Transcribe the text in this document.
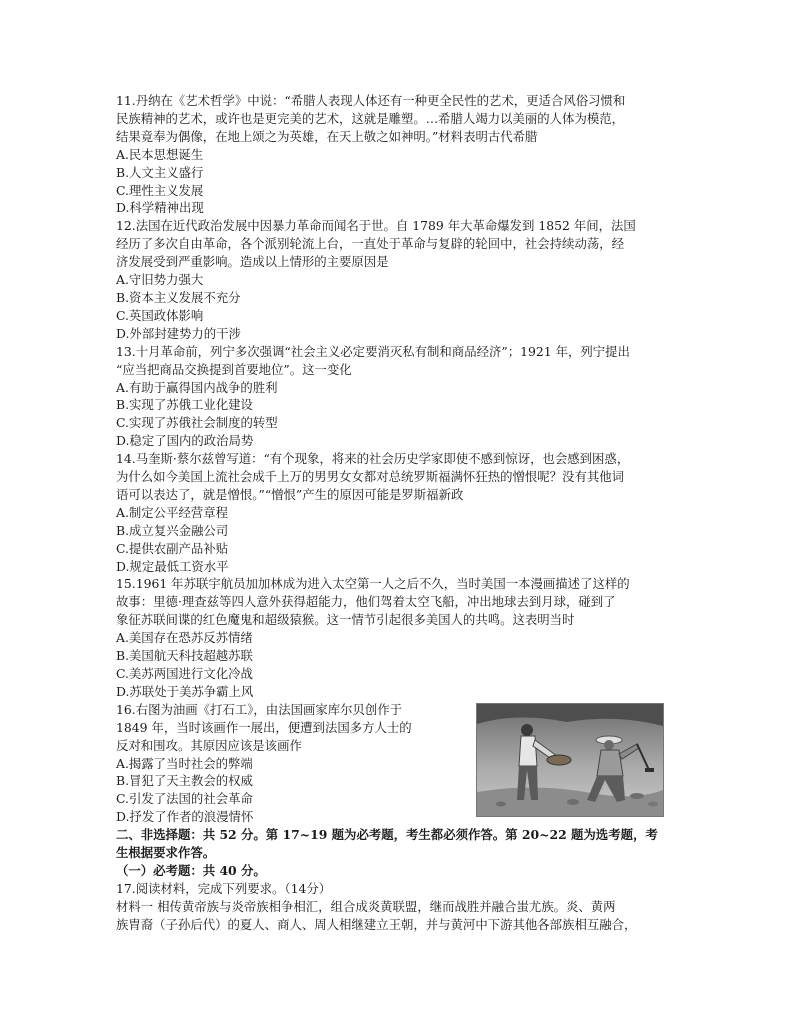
11.丹纳在《艺术哲学》中说：“希腊人表现人体还有一种更全民性的艺术，更适合风俗习惯和
民族精神的艺术，或许也是更完美的艺术，这就是雕塑。…希腊人竭力以美丽的人体为模范，
结果竟奉为偶像，在地上颂之为英雄，在天上敬之如神明。”材料表明古代希腊
A.民本思想诞生
B.人文主义盛行
C.理性主义发展
D.科学精神出现
12.法国在近代政治发展中因暴力革命而闻名于世。自 1789 年大革命爆发到 1852 年间，法国
经历了多次自由革命，各个派别轮流上台，一直处于革命与复辟的轮回中，社会持续动荡，经
济发展受到严重影响。造成以上情形的主要原因是
A.守旧势力强大
B.资本主义发展不充分
C.英国政体影响
D.外部封建势力的干涉
13.十月革命前，列宁多次强调“社会主义必定要消灭私有制和商品经济”；1921 年，列宁提出
“应当把商品交换提到首要地位”。这一变化
A.有助于赢得国内战争的胜利
B.实现了苏俄工业化建设
C.实现了苏俄社会制度的转型
D.稳定了国内的政治局势
14.马奎斯·蔡尔兹曾写道：“有个现象，将来的社会历史学家即使不感到惊讶，也会感到困惑，
为什么如今美国上流社会成千上万的男男女女都对总统罗斯福满怀狂热的憎恨呢？没有其他词
语可以表达了，就是憎恨。”“憎恨”产生的原因可能是罗斯福新政
A.制定公平经营章程
B.成立复兴金融公司
C.提供农副产品补贴
D.规定最低工资水平
15.1961 年苏联宇航员加加林成为进入太空第一人之后不久，当时美国一本漫画描述了这样的
故事：里德·理查兹等四人意外获得超能力，他们驾着太空飞船，冲出地球去到月球，碰到了
象征苏联间谍的红色魔鬼和超级猿猴。这一情节引起很多美国人的共鸣。这表明当时
A.美国存在恐苏反苏情绪
B.美国航天科技超越苏联
C.美苏两国进行文化冷战
D.苏联处于美苏争霸上风
16.右图为油画《打石工》，由法国画家库尔贝创作于
1849 年，当时该画作一展出，便遭到法国多方人士的
反对和围攻。其原因应该是该画作
A.揭露了当时社会的弊端
B.冒犯了天主教会的权威
C.引发了法国的社会革命
D.抒发了作者的浪漫情怀
二、非选择题：共 52 分。第 17~19 题为必考题，考生都必须作答。第 20~22 题为选考题，考
生根据要求作答。
（一）必考题：共 40 分。
17.阅读材料，完成下列要求。（14分）
材料一 相传黄帝族与炎帝族相争相汇，组合成炎黄联盟，继而战胜并融合蚩尤族。炎、黄两
族胄裔（子孙后代）的夏人、商人、周人相继建立王朝，并与黄河中下游其他各部族相互融合，
